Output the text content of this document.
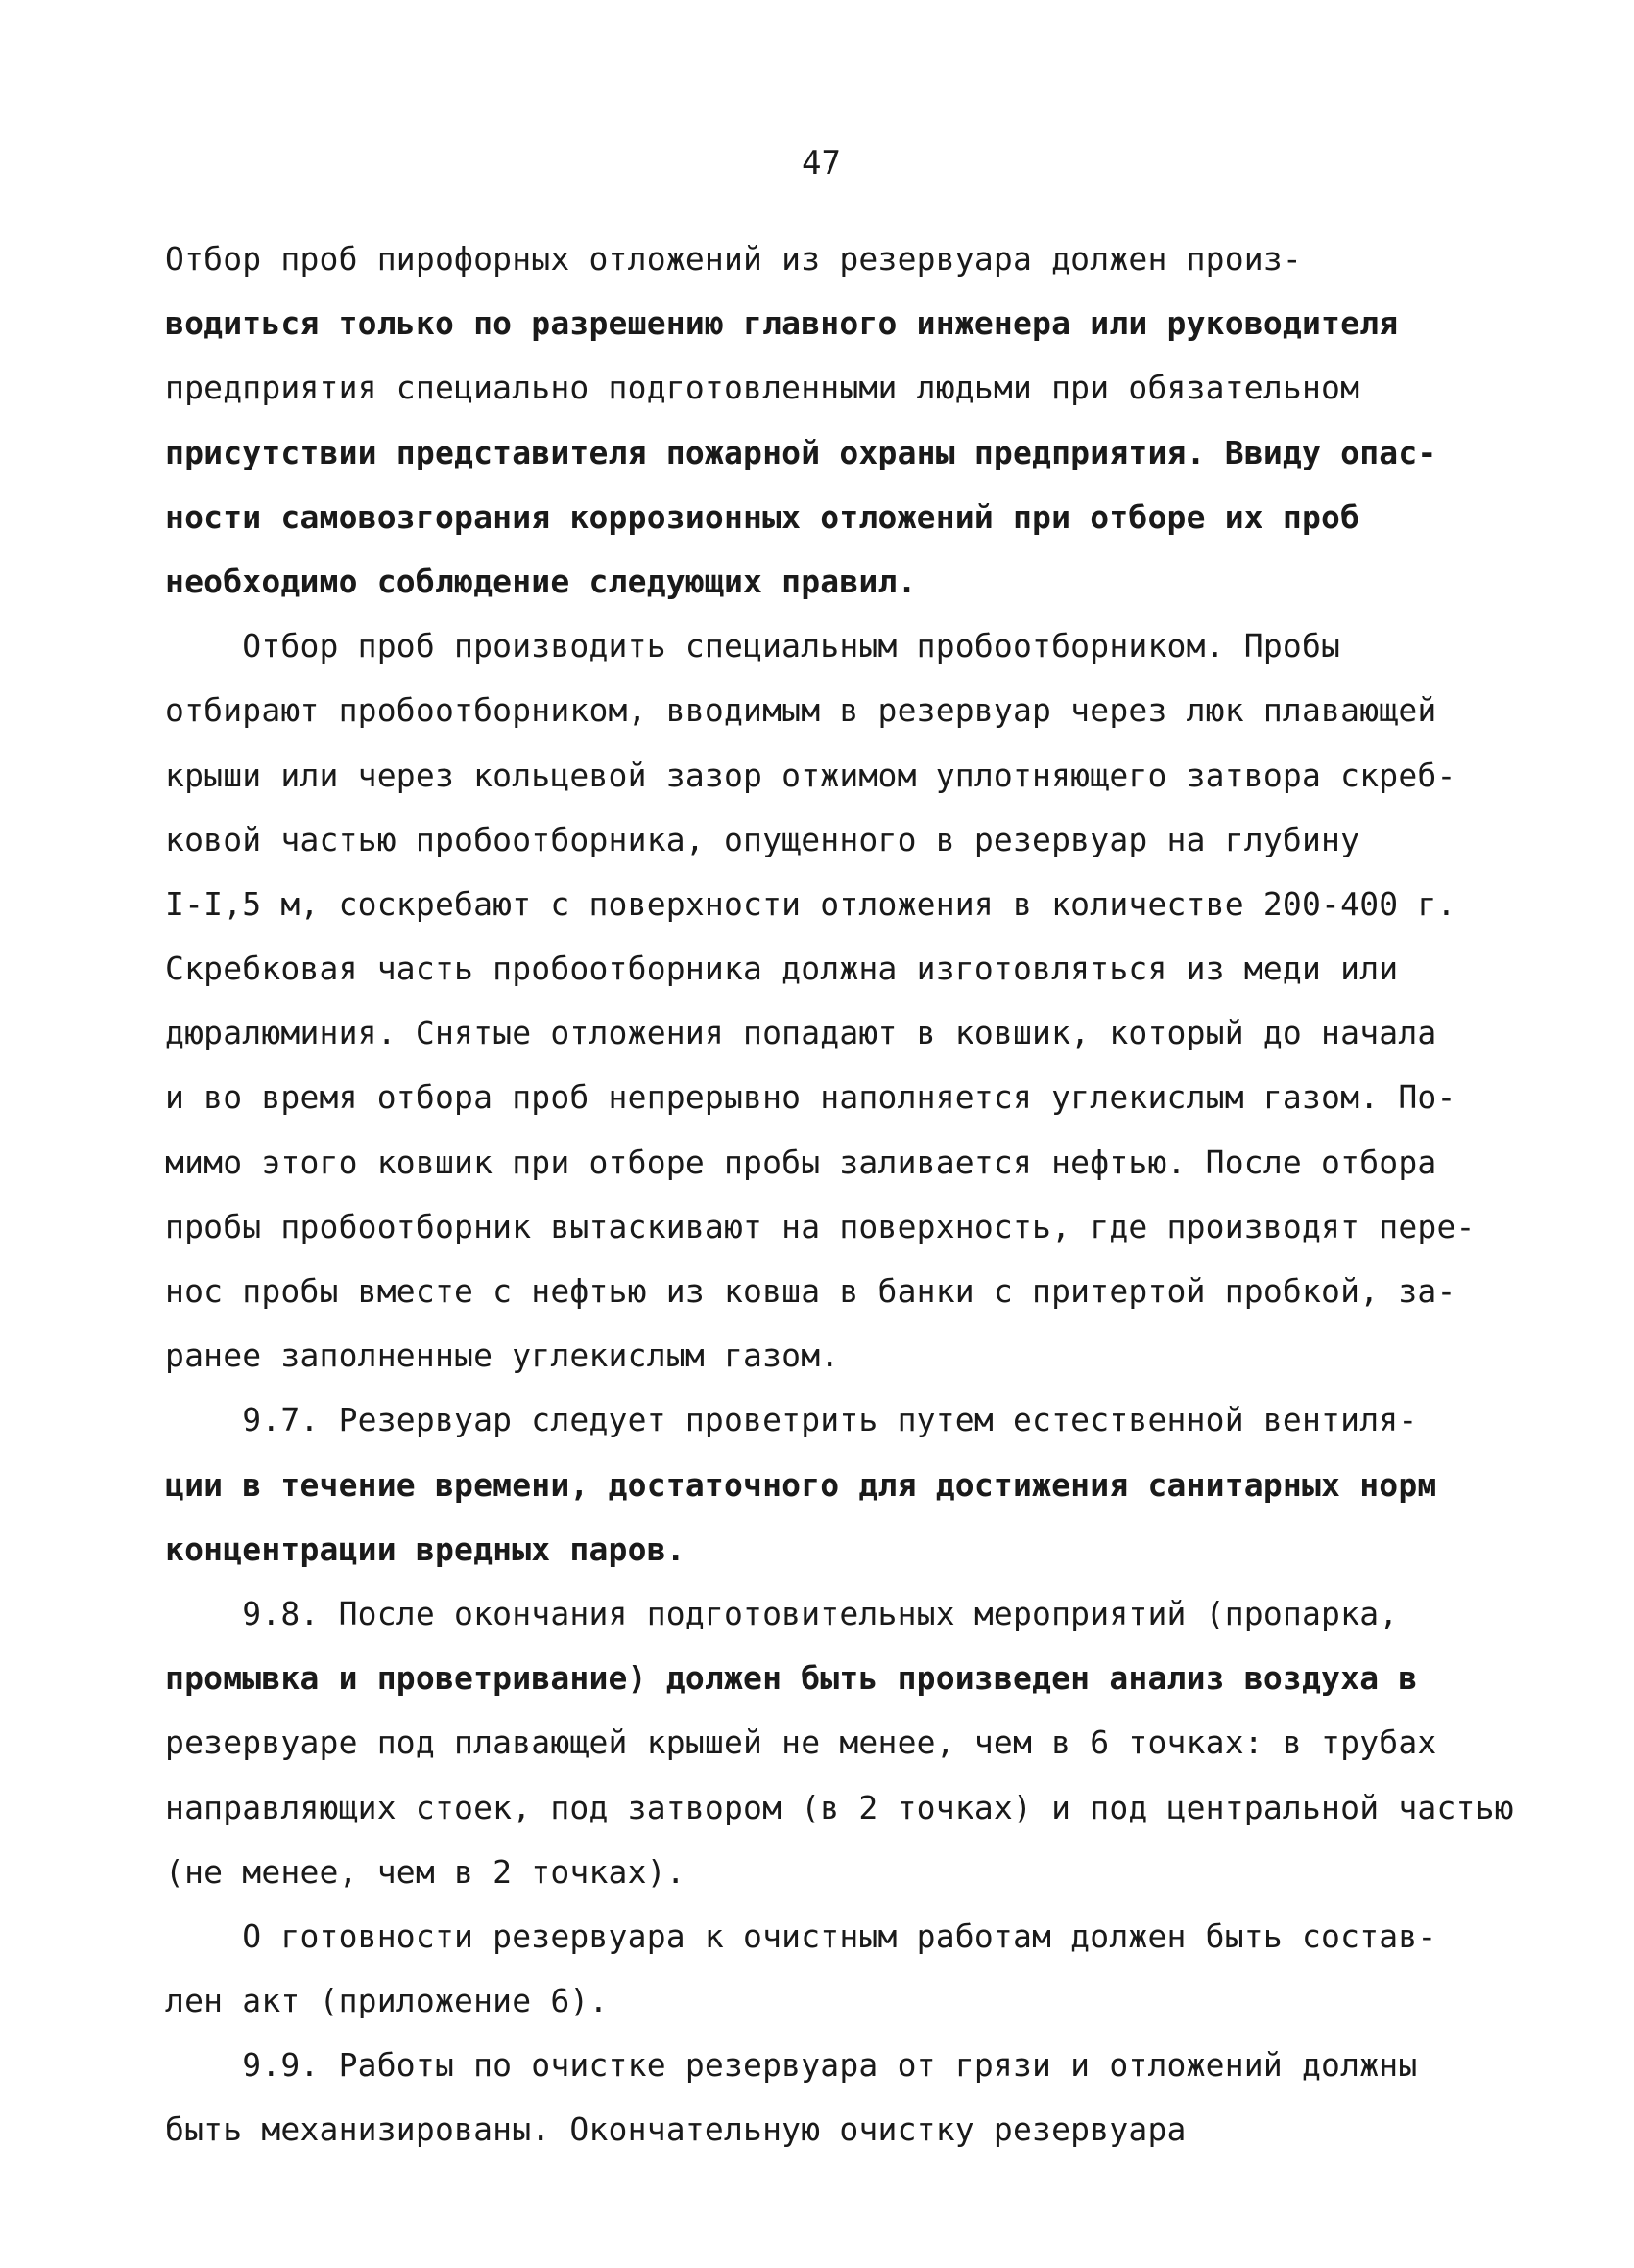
47
Отбор проб пирофорных отложений из резервуара должен произ-
водиться только по разрешению главного инженера или руководителя
предприятия специально подготовленными людьми при обязательном
присутствии представителя пожарной охраны предприятия. Ввиду опас-
ности самовозгорания коррозионных отложений при отборе их проб
необходимо соблюдение следующих правил.
Отбор проб производить специальным пробоотборником. Пробы
отбирают пробоотборником, вводимым в резервуар через люк плавающей
крыши или через кольцевой зазор отжимом уплотняющего затвора скреб-
ковой частью пробоотборника, опущенного в резервуар на глубину
I-I,5 м, соскребают с поверхности отложения в количестве 200-400 г.
Скребковая часть пробоотборника должна изготовляться из меди или
дюралюминия. Снятые отложения попадают в ковшик, который до начала
и во время отбора проб непрерывно наполняется углекислым газом. По-
мимо этого ковшик при отборе пробы заливается нефтью. После отбора
пробы пробоотборник вытаскивают на поверхность, где производят пере-
нос пробы вместе с нефтью из ковша в банки с притертой пробкой, за-
ранее заполненные углекислым газом.
9.7. Резервуар следует проветрить путем естественной вентиля-
ции в течение времени, достаточного для достижения санитарных норм
концентрации вредных паров.
9.8. После окончания подготовительных мероприятий (пропарка,
промывка и проветривание) должен быть произведен анализ воздуха в
резервуаре под плавающей крышей не менее, чем в 6 точках: в трубах
направляющих стоек, под затвором (в 2 точках) и под центральной частью
(не менее, чем в 2 точках).
О готовности резервуара к очистным работам должен быть состав-
лен акт (приложение 6).
9.9. Работы по очистке резервуара от грязи и отложений должны
быть механизированы. Окончательную очистку резервуара
